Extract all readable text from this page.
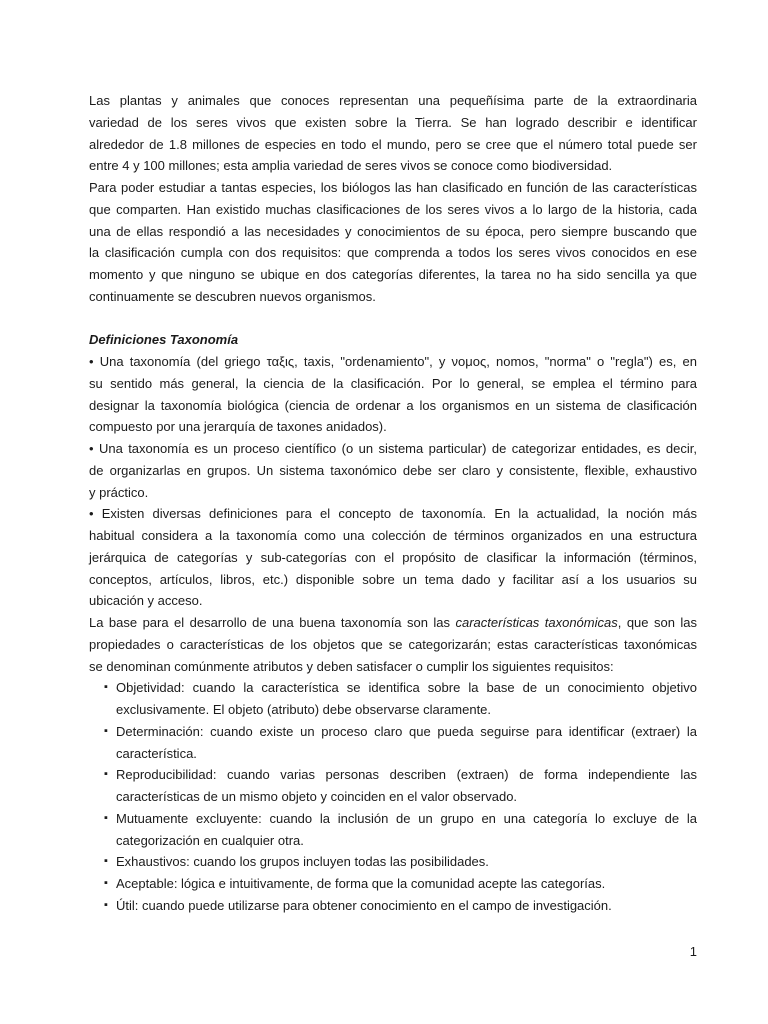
Las plantas y animales que conoces representan una pequeñísima parte de la extraordinaria
variedad de los seres vivos que existen sobre la Tierra. Se han logrado describir e identificar
alrededor de 1.8 millones de especies en todo el mundo, pero se cree que el número total puede ser
entre 4 y 100 millones; esta amplia variedad de seres vivos se conoce como biodiversidad.
Para poder estudiar a tantas especies, los biólogos las han clasificado en función de las características
que comparten. Han existido muchas clasificaciones de los seres vivos a lo largo de la historia, cada
una de ellas respondió a las necesidades y conocimientos de su época, pero siempre buscando que
la clasificación cumpla con dos requisitos: que comprenda a todos los seres vivos conocidos en ese
momento y que ninguno se ubique en dos categorías diferentes, la tarea no ha sido sencilla ya que
continuamente se descubren nuevos organismos.
Definiciones Taxonomía
• Una taxonomía (del griego ταξις, taxis, "ordenamiento", y νομος, nomos, "norma" o "regla") es, en
su sentido más general, la ciencia de la clasificación. Por lo general, se emplea el término para
designar la taxonomía biológica (ciencia de ordenar a los organismos en un sistema de clasificación
compuesto por una jerarquía de taxones anidados).
• Una taxonomía es un proceso científico (o un sistema particular) de categorizar entidades, es decir,
de organizarlas en grupos. Un sistema taxonómico debe ser claro y consistente, flexible, exhaustivo
y práctico.
• Existen diversas definiciones para el concepto de taxonomía. En la actualidad, la noción más
habitual considera a la taxonomía como una colección de términos organizados en una estructura
jerárquica de categorías y sub-categorías con el propósito de clasificar la información (términos,
conceptos, artículos, libros, etc.) disponible sobre un tema dado y facilitar así a los usuarios su
ubicación y acceso.
La base para el desarrollo de una buena taxonomía son las características taxonómicas, que son las
propiedades o características de los objetos que se categorizarán; estas características taxonómicas
se denominan comúnmente atributos y deben satisfacer o cumplir los siguientes requisitos:
▪ Objetividad: cuando la característica se identifica sobre la base de un conocimiento objetivo
exclusivamente. El objeto (atributo) debe observarse claramente.
▪ Determinación: cuando existe un proceso claro que pueda seguirse para identificar (extraer) la
característica.
▪ Reproducibilidad: cuando varias personas describen (extraen) de forma independiente las
características de un mismo objeto y coinciden en el valor observado.
▪ Mutuamente excluyente: cuando la inclusión de un grupo en una categoría lo excluye de la
categorización en cualquier otra.
▪ Exhaustivos: cuando los grupos incluyen todas las posibilidades.
▪ Aceptable: lógica e intuitivamente, de forma que la comunidad acepte las categorías.
▪ Útil: cuando puede utilizarse para obtener conocimiento en el campo de investigación.
1
